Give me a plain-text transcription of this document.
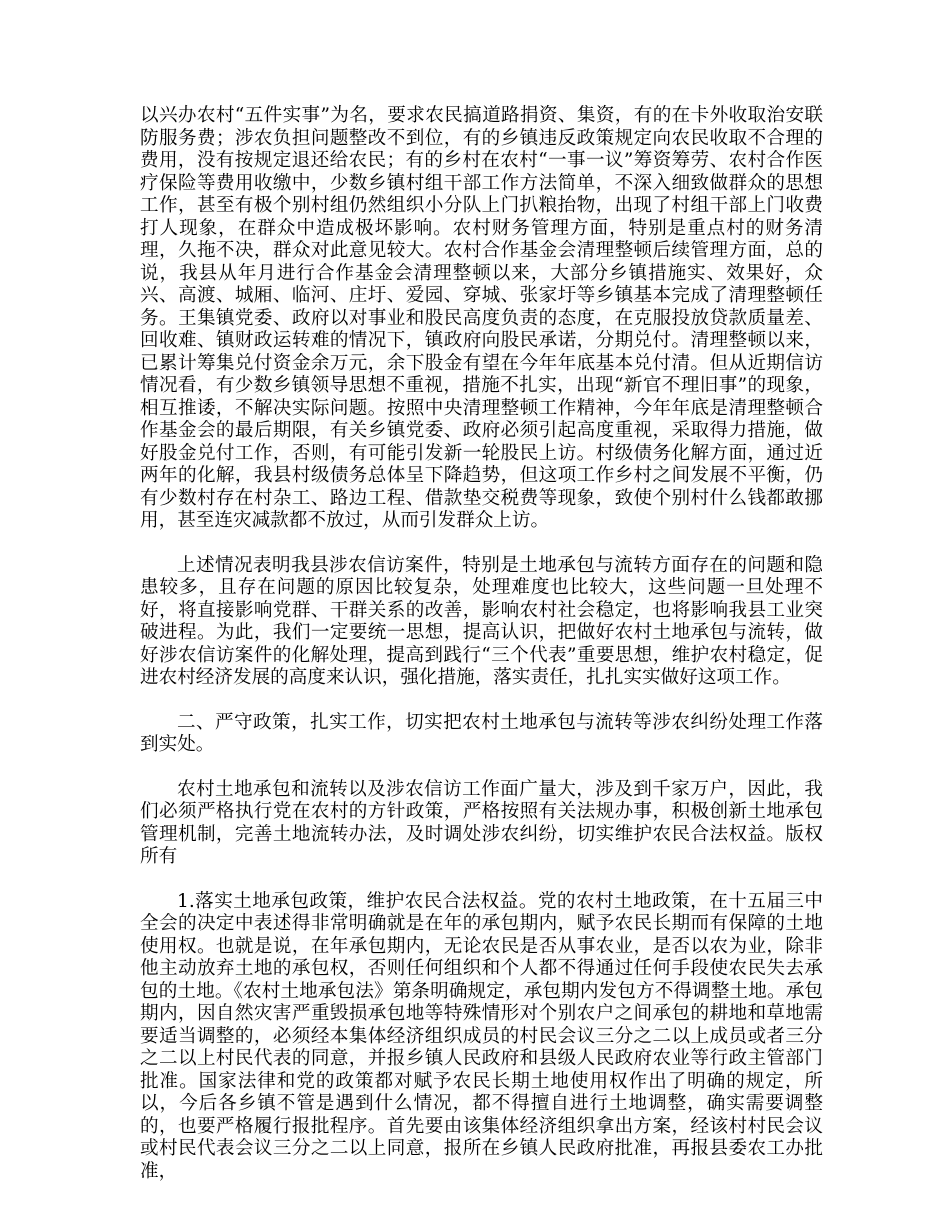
以兴办农村“五件实事”为名，要求农民搞道路捐资、集资，有的在卡外收取治安联防服务费；涉农负担问题整改不到位，有的乡镇违反政策规定向农民收取不合理的费用，没有按规定退还给农民；有的乡村在农村“一事一议”筹资筹劳、农村合作医疗保险等费用收缴中，少数乡镇村组干部工作方法简单，不深入细致做群众的思想工作，甚至有极个别村组仍然组织小分队上门扒粮抬物，出现了村组干部上门收费打人现象，在群众中造成极坏影响。农村财务管理方面，特别是重点村的财务清理，久拖不决，群众对此意见较大。农村合作基金会清理整顿后续管理方面，总的说，我县从年月进行合作基金会清理整顿以来，大部分乡镇措施实、效果好，众兴、高渡、城厢、临河、庄圩、爱园、穿城、张家圩等乡镇基本完成了清理整顿任务。王集镇党委、政府以对事业和股民高度负责的态度，在克服投放贷款质量差、回收难、镇财政运转难的情况下，镇政府向股民承诺，分期兑付。清理整顿以来，已累计筹集兑付资金余万元，余下股金有望在今年年底基本兑付清。但从近期信访情况看，有少数乡镇领导思想不重视，措施不扎实，出现“新官不理旧事”的现象，相互推诿，不解决实际问题。按照中央清理整顿工作精神，今年年底是清理整顿合作基金会的最后期限，有关乡镇党委、政府必须引起高度重视，采取得力措施，做好股金兑付工作，否则，有可能引发新一轮股民上访。村级债务化解方面，通过近两年的化解，我县村级债务总体呈下降趋势，但这项工作乡村之间发展不平衡，仍有少数村存在村杂工、路边工程、借款垫交税费等现象，致使个别村什么钱都敢挪用，甚至连灾减款都不放过，从而引发群众上访。

上述情况表明我县涉农信访案件，特别是土地承包与流转方面存在的问题和隐患较多，且存在问题的原因比较复杂，处理难度也比较大，这些问题一旦处理不好，将直接影响党群、干群关系的改善，影响农村社会稳定，也将影响我县工业突破进程。为此，我们一定要统一思想，提高认识，把做好农村土地承包与流转，做好涉农信访案件的化解处理，提高到践行“三个代表”重要思想，维护农村稳定，促进农村经济发展的高度来认识，强化措施，落实责任，扎扎实实做好这项工作。

二、严守政策，扎实工作，切实把农村土地承包与流转等涉农纠纷处理工作落到实处。

农村土地承包和流转以及涉农信访工作面广量大，涉及到千家万户，因此，我们必须严格执行党在农村的方针政策，严格按照有关法规办事，积极创新土地承包管理机制，完善土地流转办法，及时调处涉农纠纷，切实维护农民合法权益。版权所有

1.落实土地承包政策，维护农民合法权益。党的农村土地政策，在十五届三中全会的决定中表述得非常明确就是在年的承包期内，赋予农民长期而有保障的土地使用权。也就是说，在年承包期内，无论农民是否从事农业，是否以农为业，除非他主动放弃土地的承包权，否则任何组织和个人都不得通过任何手段使农民失去承包的土地。《农村土地承包法》第条明确规定，承包期内发包方不得调整土地。承包期内，因自然灾害严重毁损承包地等特殊情形对个别农户之间承包的耕地和草地需要适当调整的，必须经本集体经济组织成员的村民会议三分之二以上成员或者三分之二以上村民代表的同意，并报乡镇人民政府和县级人民政府农业等行政主管部门批准。国家法律和党的政策都对赋予农民长期土地使用权作出了明确的规定，所以，今后各乡镇不管是遇到什么情况，都不得擅自进行土地调整，确实需要调整的，也要严格履行报批程序。首先要由该集体经济组织拿出方案，经该村村民会议或村民代表会议三分之二以上同意，报所在乡镇人民政府批准，再报县委农工办批准，
